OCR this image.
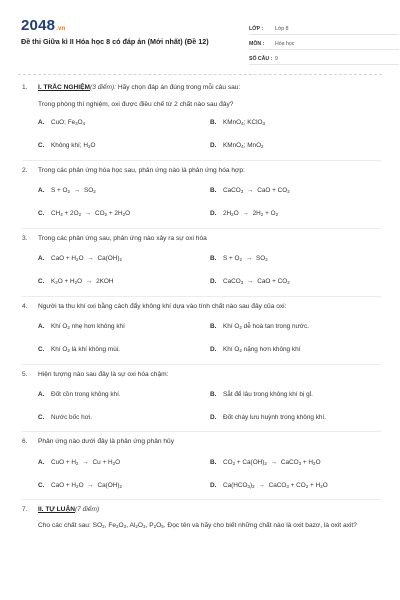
2048.vn
Đề thi Giữa kì II Hóa học 8 có đáp án (Mới nhất) (Đề 12)
LỚP :	Lớp 8
MÔN :	Hóa học
SỐ CÂU : 9
1.	I. TRẮC NGHIỆM(3 điểm): Hãy chọn đáp án đúng trong mỗi câu sau:
Trong phòng thí nghiệm, oxi được điều chế từ 2 chất nào sau đây?
A.	CuO; $Fe_3O_4$	B.	KMnO$_4$; KClO$_3$
C.	Không khí; $H_2O$	D.	KMnO$_4$; MnO$_2$
2.	Trong các phản ứng hóa học sau, phản ứng nào là phản ứng hóa hợp:
A.	$S + O_2 \to SO_2$	B.	CaCO$_3$ → CaO + $CO_2$
C.	$CH_4 + 2O_2 \to CO_2 + 2H_2O$	D.	$2H_2O \to 2H_2 + O_2$
3.	Trong các phản ứng sau, phản ứng nào xảy ra sự oxi hóa
A.	CaO + $H_2O \to Ca(OH)_2$	B.	$S + O_2 \to SO_2$
C.	$K_2O + H_2O \to 2KOH$	D.	CaCO$_3$ → CaO + $CO_2$
4.	Người ta thu khí oxi bằng cách đẩy không khí dựa vào tính chất nào sau đây của oxi:
A.	Khí $O_2$ nhẹ hơn không khí	B.	Khí $O_2$ dễ hoà tan trong nước.
C.	Khí $O_2$ là khí không mùi.	D.	Khí $O_2$ nặng hơn không khí
5.	Hiện tượng nào sau đây là sự oxi hóa chậm:
A.	Đốt cồn trong không khí.	B.	Sắt để lâu trong không khí bị gỉ.
C.	Nước bốc hơi.	D.	Đốt cháy lưu huỳnh trong không khí.
6.	Phản ứng nào dưới đây là phản ứng phân hủy
A.	CuO + $H_2 \to Cu + H_2O$	B.	$CO_2 + Ca(OH)_2$ → CaCO$_3$ + $H_2O$
C.	CaO + $H_2O \to Ca(OH)_2$	D.	$Ca(HCO_3)_2$ → CaCO$_3$ + $CO_2 + H_2O$
7.	II. TỰ LUẬN(7 điểm)
Cho các chất sau: $SO_2$, $Fe_2O_3$, $Al_2O_3$, $P_2O_5$. Đọc tên và hãy cho biết những chất nào là oxit bazơ, là oxit axit?
